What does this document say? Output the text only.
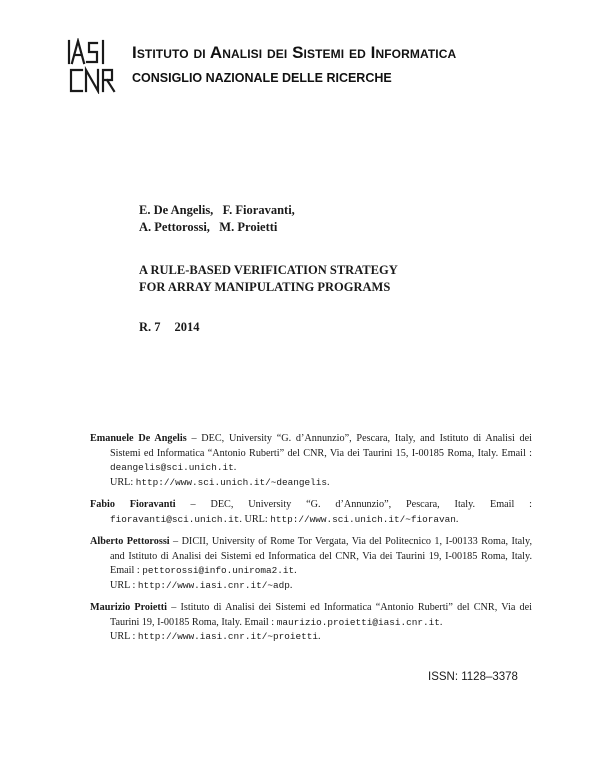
Istituto di Analisi dei Sistemi ed Informatica
CONSIGLIO NAZIONALE DELLE RICERCHE
E. De Angelis,   F. Fioravanti,
A. Pettorossi,   M. Proietti
A RULE-BASED VERIFICATION STRATEGY
FOR ARRAY MANIPULATING PROGRAMS
R. 7 2014
Emanuele De Angelis – DEC, University “G. d’Annunzio”, Pescara, Italy, and Istituto di Analisi dei Sistemi ed Informatica “Antonio Ruberti” del CNR, Via dei Taurini 15, I-00185 Roma, Italy. Email : deangelis@sci.unich.it.
URL: http://www.sci.unich.it/~deangelis.
Fabio Fioravanti – DEC, University “G. d’Annunzio”, Pescara, Italy. Email : fioravanti@sci.unich.it. URL: http://www.sci.unich.it/~fioravan.
Alberto Pettorossi – DICII, University of Rome Tor Vergata, Via del Politecnico 1, I-00133 Roma, Italy, and Istituto di Analisi dei Sistemi ed Informatica del CNR, Via dei Taurini 19, I-00185 Roma, Italy. Email : pettorossi@info.uniroma2.it.
URL : http://www.iasi.cnr.it/~adp.
Maurizio Proietti – Istituto di Analisi dei Sistemi ed Informatica “Antonio Ruberti” del CNR, Via dei Taurini 19, I-00185 Roma, Italy. Email : maurizio.proietti@iasi.cnr.it.
URL : http://www.iasi.cnr.it/~proietti.
ISSN: 1128–3378
